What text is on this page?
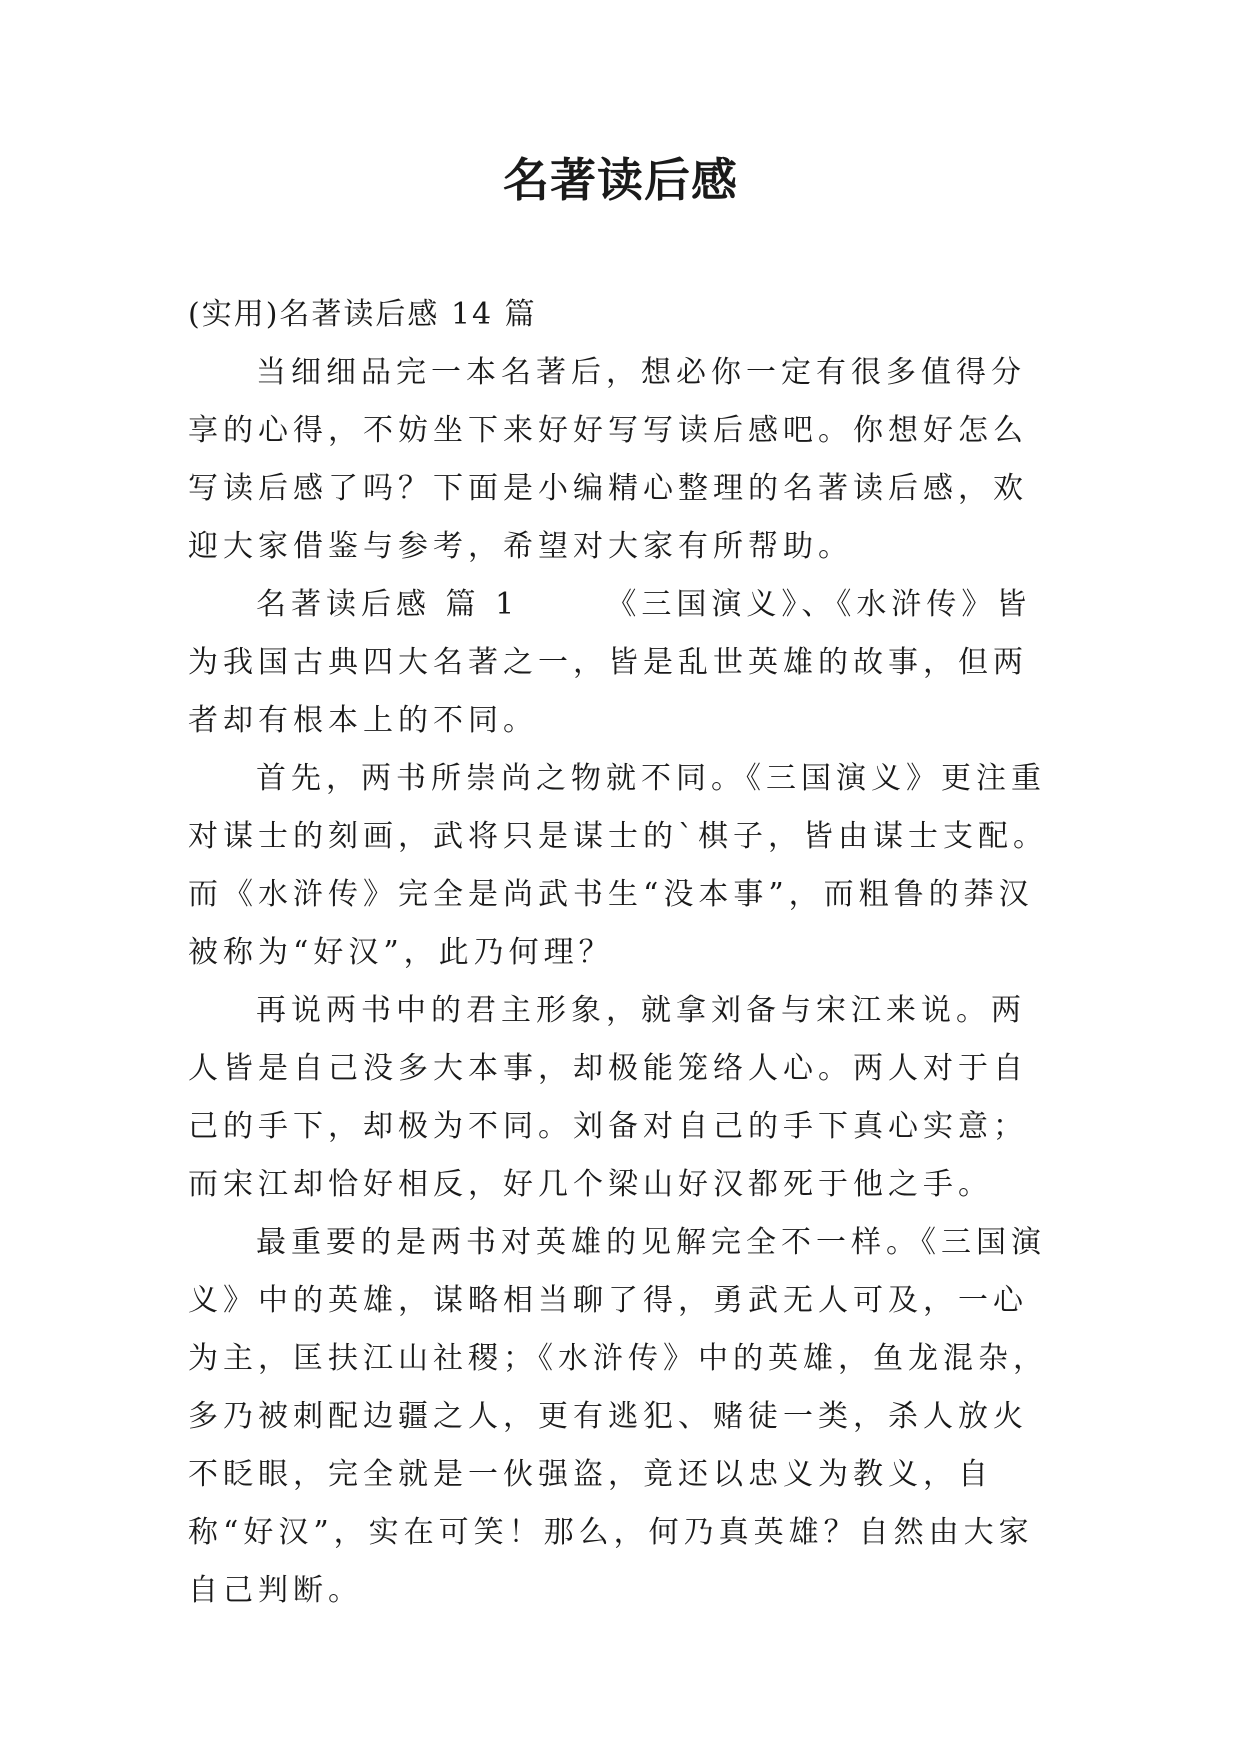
名著读后感

(实用)名著读后感 14 篇

当细细品完一本名著后，想必你一定有很多值得分享的心得，不妨坐下来好好写写读后感吧。你想好怎么写读后感了吗？下面是小编精心整理的名著读后感，欢迎大家借鉴与参考，希望对大家有所帮助。

名著读后感 篇 1	《三国演义》、《水浒传》皆为我国古典四大名著之一，皆是乱世英雄的故事，但两者却有根本上的不同。

首先，两书所崇尚之物就不同。《三国演义》更注重对谋士的刻画，武将只是谋士的`棋子，皆由谋士支配。而《水浒传》完全是尚武书生“没本事”，而粗鲁的莽汉被称为“好汉”，此乃何理？

再说两书中的君主形象，就拿刘备与宋江来说。两人皆是自己没多大本事，却极能笼络人心。两人对于自己的手下，却极为不同。刘备对自己的手下真心实意；而宋江却恰好相反，好几个梁山好汉都死于他之手。

最重要的是两书对英雄的见解完全不一样。《三国演义》中的英雄，谋略相当聊了得，勇武无人可及，一心为主，匡扶江山社稷；《水浒传》中的英雄，鱼龙混杂，多乃被刺配边疆之人，更有逃犯、赌徒一类，杀人放火不眨眼，完全就是一伙强盗，竟还以忠义为教义，自称“好汉”，实在可笑！那么，何乃真英雄？自然由大家自己判断。
